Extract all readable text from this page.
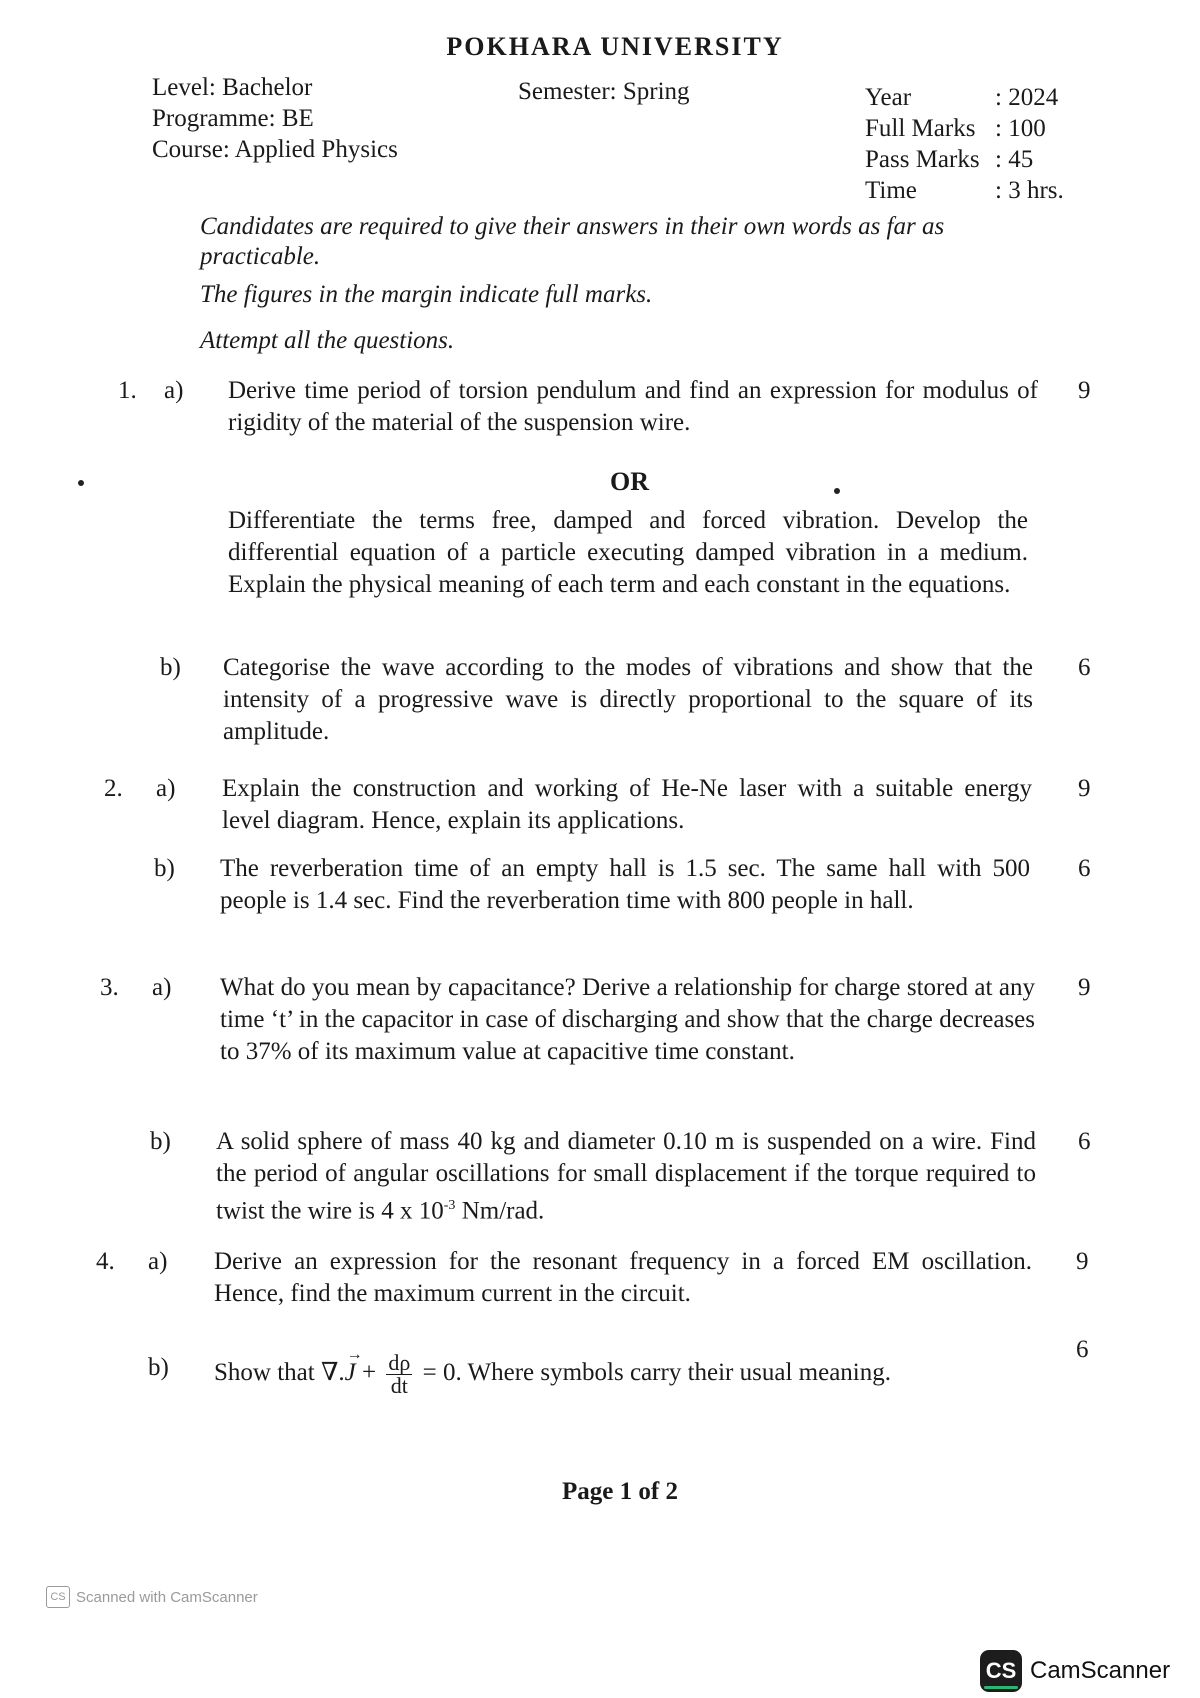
POKHARA UNIVERSITY
Level: Bachelor
Programme: BE
Course: Applied Physics
Semester: Spring	Year	: 2024
Full Marks : 100
Pass Marks : 45
Time	: 3 hrs.
Candidates are required to give their answers in their own words as far as practicable.
The figures in the margin indicate full marks.
Attempt all the questions.
1. a) Derive time period of torsion pendulum and find an expression for modulus of rigidity of the material of the suspension wire.
9
OR
Differentiate the terms free, damped and forced vibration. Develop the differential equation of a particle executing damped vibration in a medium. Explain the physical meaning of each term and each constant in the equations.
b) Categorise the wave according to the modes of vibrations and show that the intensity of a progressive wave is directly proportional to the square of its amplitude.
6
2. a) Explain the construction and working of He-Ne laser with a suitable energy level diagram. Hence, explain its applications.
9
b) The reverberation time of an empty hall is 1.5 sec. The same hall with 500 people is 1.4 sec. Find the reverberation time with 800 people in hall.
6
3. a) What do you mean by capacitance? Derive a relationship for charge stored at any time ‘t’ in the capacitor in case of discharging and show that the charge decreases to 37% of its maximum value at capacitive time constant.
9
b) A solid sphere of mass 40 kg and diameter 0.10 m is suspended on a wire. Find the period of angular oscillations for small displacement if the torque required to twist the wire is 4 x $10^{-3}$ Nm/rad.
6
4. a) Derive an expression for the resonant frequency in a forced EM oscillation. Hence, find the maximum current in the circuit.
9
b) Show that ∇.
→
$J + \frac{d\rho}{dt} = 0$. Where symbols carry their usual meaning.
6
Page 1 of 2
CS Scanned with CamScanner
CS CamScanner
